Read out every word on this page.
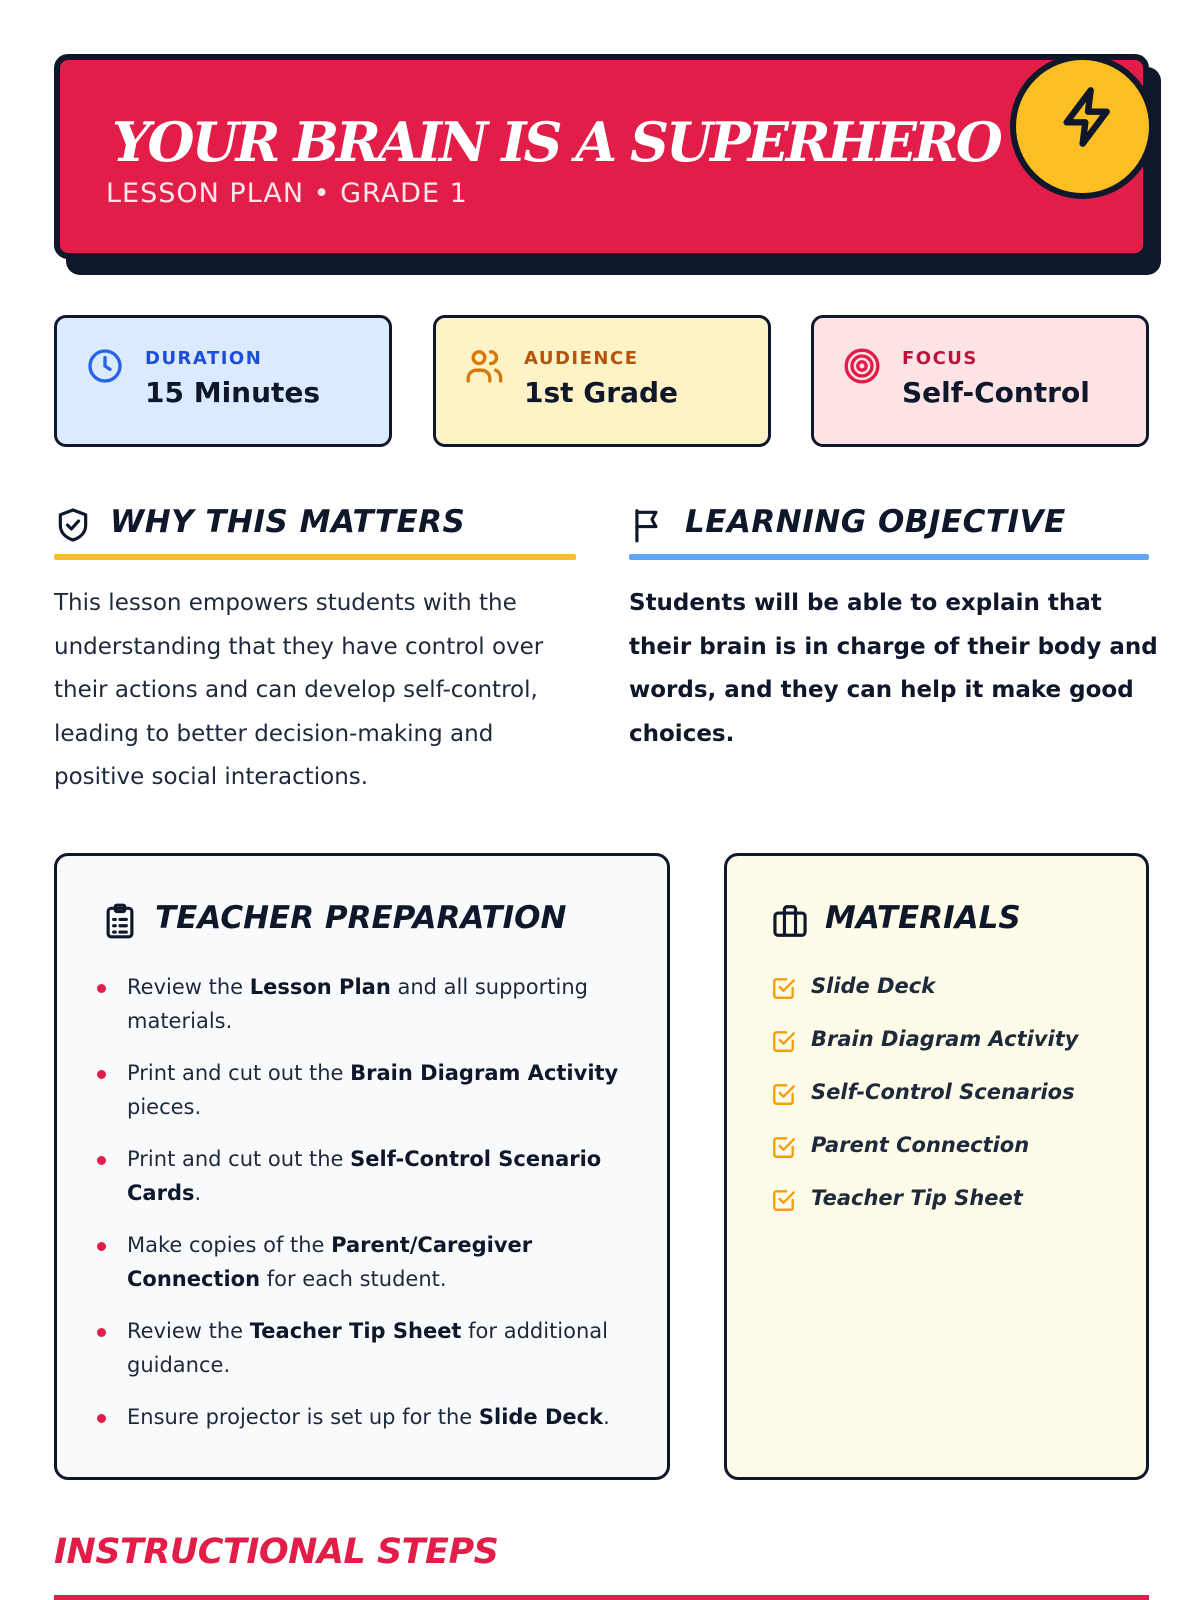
YOUR BRAIN IS A SUPERHERO
LESSON PLAN • GRADE 1
DURATION
15 Minutes
AUDIENCE
1st Grade
FOCUS
Self-Control
WHY THIS MATTERS
This lesson empowers students with the understanding that they have control over their actions and can develop self-control, leading to better decision-making and positive social interactions.
LEARNING OBJECTIVE
Students will be able to explain that their brain is in charge of their body and words, and they can help it make good choices.
TEACHER PREPARATION
Review the Lesson Plan and all supporting materials.
Print and cut out the Brain Diagram Activity pieces.
Print and cut out the Self-Control Scenario Cards.
Make copies of the Parent/Caregiver Connection for each student.
Review the Teacher Tip Sheet for additional guidance.
Ensure projector is set up for the Slide Deck.
MATERIALS
Slide Deck
Brain Diagram Activity
Self-Control Scenarios
Parent Connection
Teacher Tip Sheet
INSTRUCTIONAL STEPS
